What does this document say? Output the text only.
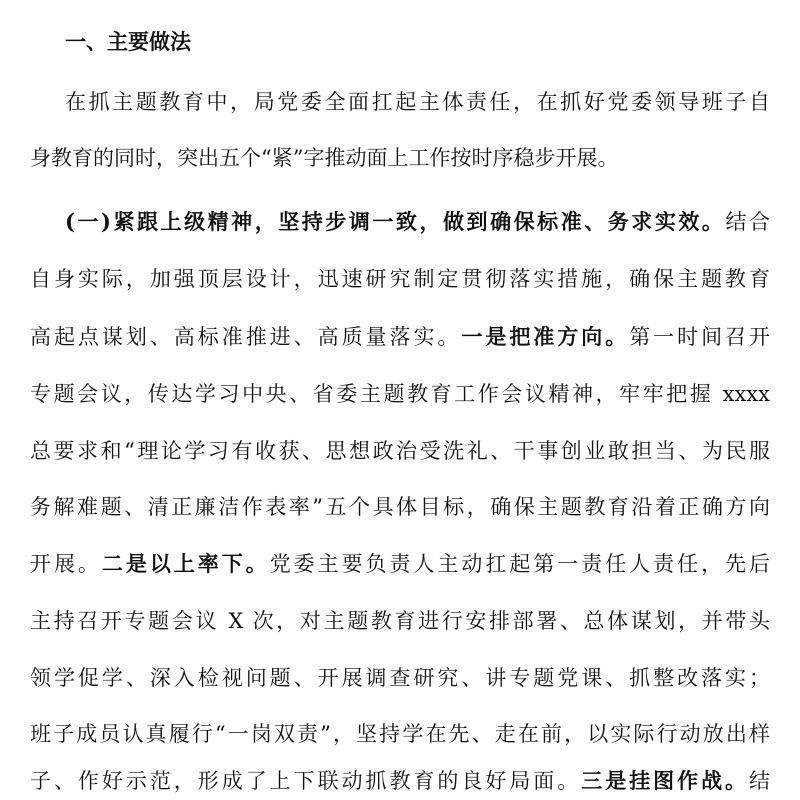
一、主要做法
在抓主题教育中，局党委全面扛起主体责任，在抓好党委领导班子自
身教育的同时，突出五个“紧”字推动面上工作按时序稳步开展。
(一)紧跟上级精神，坚持步调一致，做到确保标准、务求实效。结合
自身实际，加强顶层设计，迅速研究制定贯彻落实措施，确保主题教育
高起点谋划、高标准推进、高质量落实。一是把准方向。第一时间召开
专题会议，传达学习中央、省委主题教育工作会议精神，牢牢把握 xxxx
总要求和“理论学习有收获、思想政治受洗礼、干事创业敢担当、为民服
务解难题、清正廉洁作表率”五个具体目标，确保主题教育沿着正确方向
开展。二是以上率下。党委主要负责人主动扛起第一责任人责任，先后
主持召开专题会议 X 次，对主题教育进行安排部署、总体谋划，并带头
领学促学、深入检视问题、开展调查研究、讲专题党课、抓整改落实；
班子成员认真履行“一岗双责”，坚持学在先、走在前，以实际行动放出样
子、作好示范，形成了上下联动抓教育的良好局面。三是挂图作战。结
